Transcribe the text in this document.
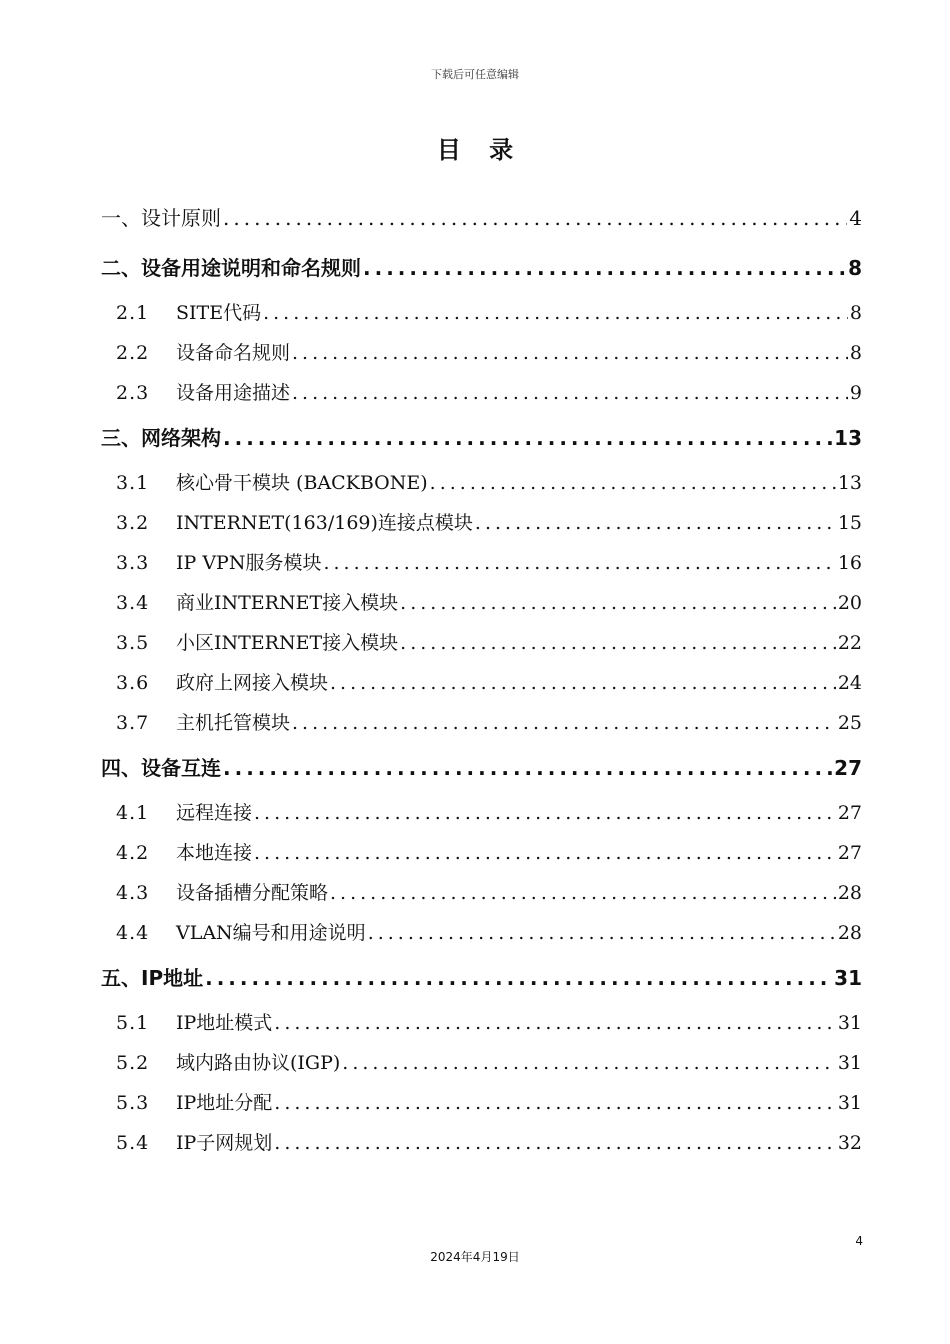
下载后可任意编辑
目 录
一、设计原则 .....	4
二、设备用途说明和命名规则 .....	8
2.1	SITE代码 .....	8
2.2	设备命名规则 .....	8
2.3	设备用途描述 .....	9
三、网络架构 .....	13
3.1	核心骨干模块 (BACKBONE) .....	13
3.2	INTERNET(163/169)连接点模块 .....	15
3.3	IP VPN服务模块 .....	16
3.4	商业INTERNET接入模块 .....	20
3.5	小区INTERNET接入模块 .....	22
3.6	政府上网接入模块 .....	24
3.7	主机托管模块 .....	25
四、设备互连 .....	27
4.1	远程连接 .....	27
4.2	本地连接 .....	27
4.3	设备插槽分配策略 .....	28
4.4	VLAN编号和用途说明 .....	28
五、IP地址 .....	31
5.1	IP地址模式 .....	31
5.2	域内路由协议(IGP) .....	31
5.3	IP地址分配 .....	31
5.4	IP子网规划 .....	32
4
2024年4月19日
